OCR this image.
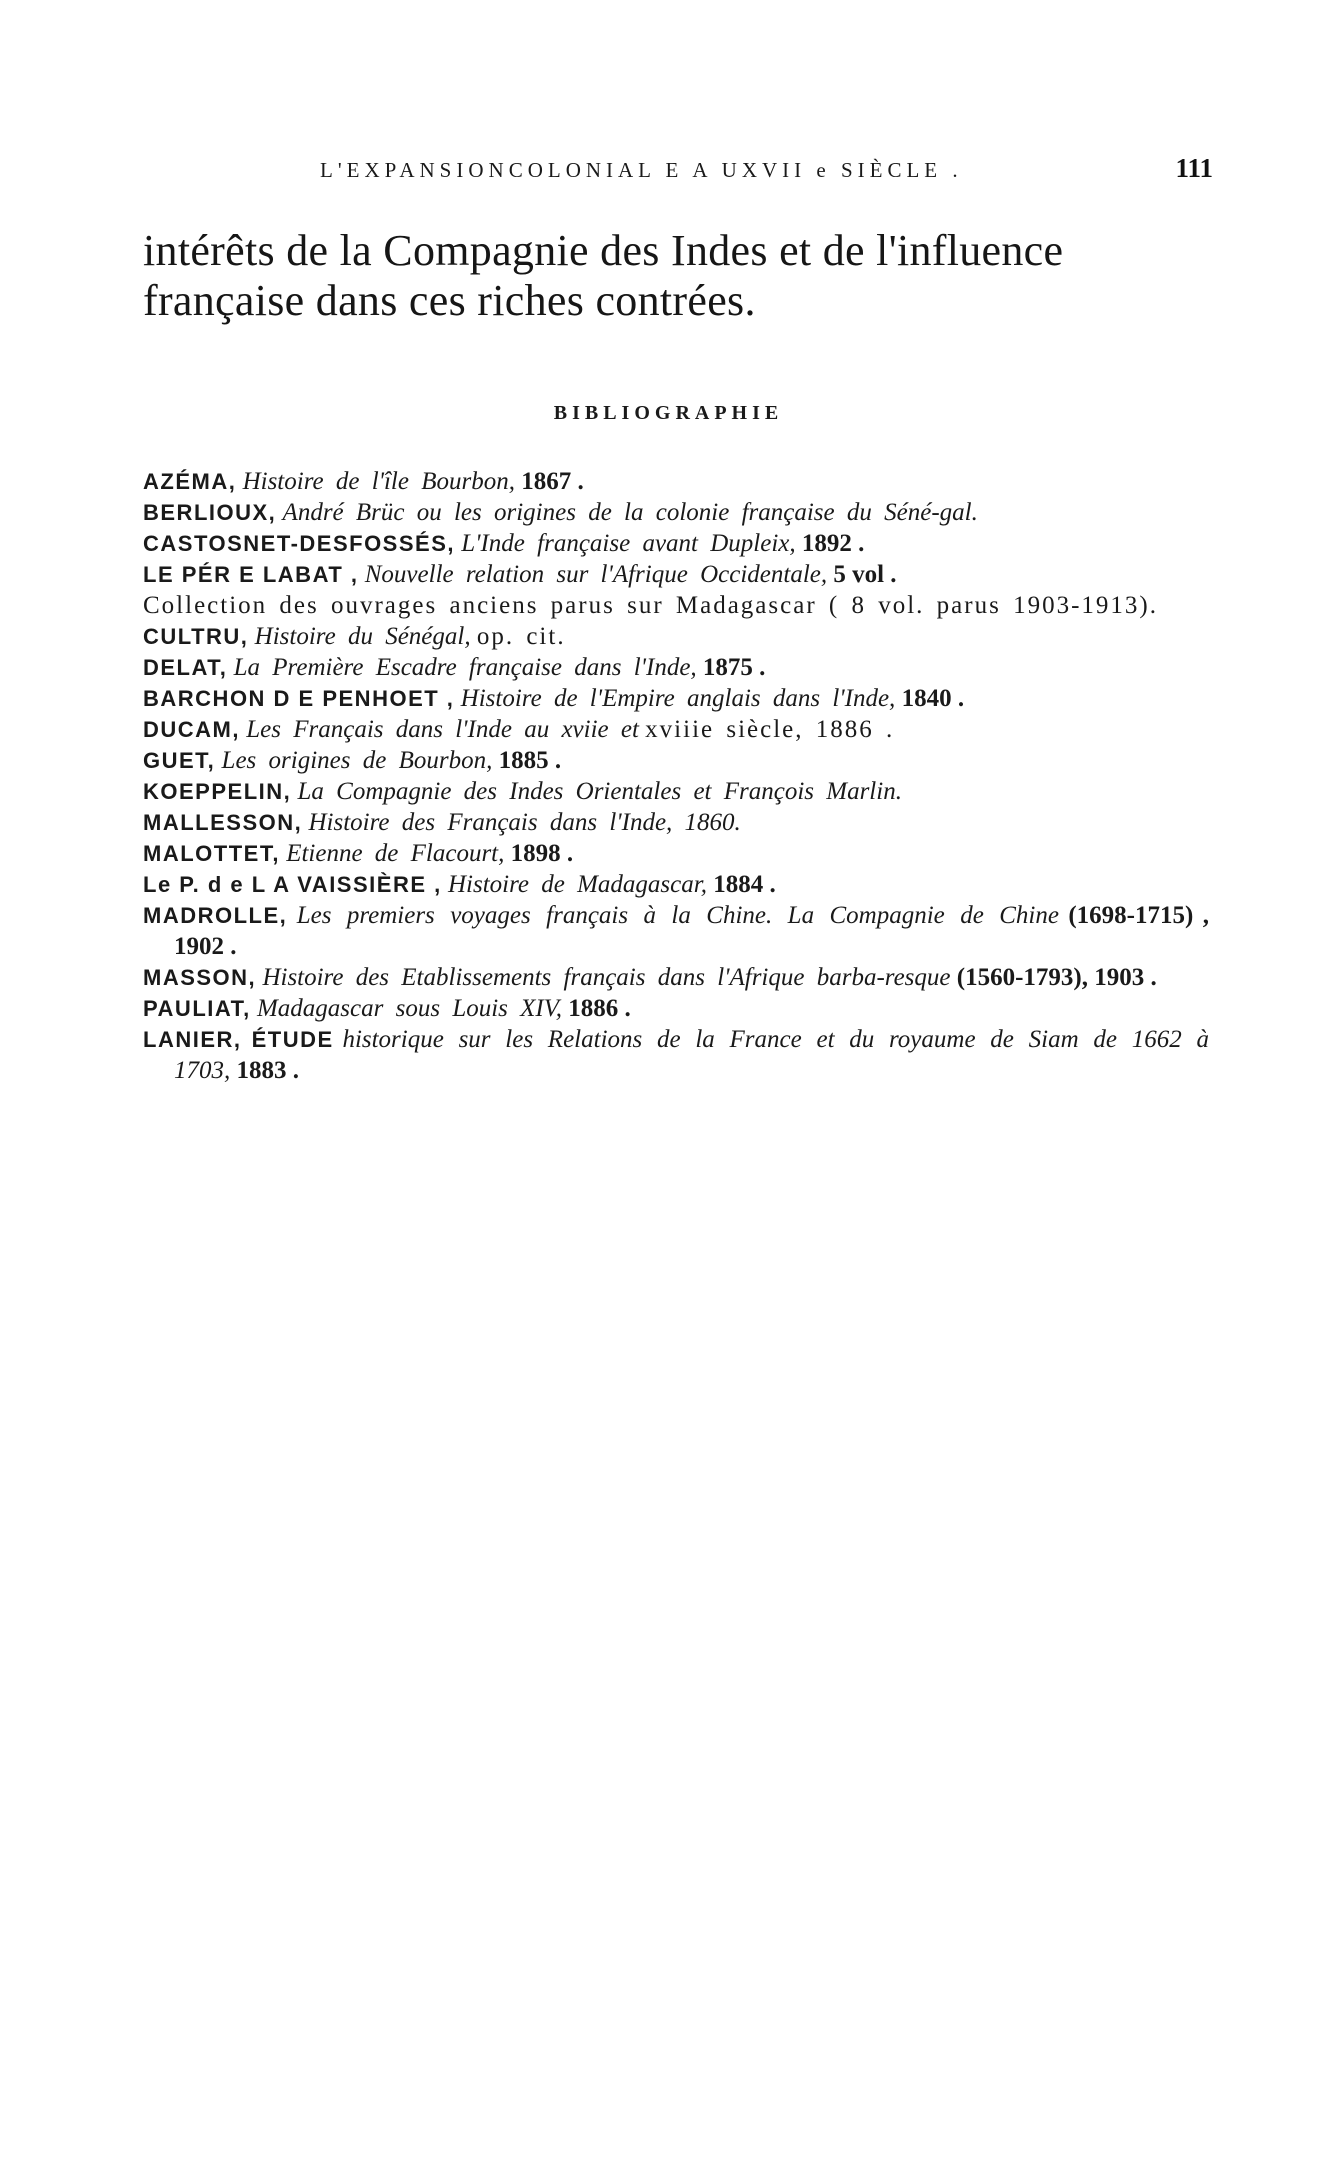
L'EXPANSIONCOLONIAL E A UXVII e SIÈCLE .	111
intérêts de la Compagnie des Indes et de l'influence française dans ces riches contrées.
BIBLIOGRAPHIE
AZÉMA, Histoire de l'île Bourbon, 1867 .
BERLIOUX, André Brüc ou les origines de la colonie française du Séné-gal.
CASTOSNET-DESFOSSÉS, L'Inde française avant Dupleix, 1892 .
LE PÉR E LABAT , Nouvelle relation sur l'Afrique Occidentale, 5 vol .
Collection des ouvrages anciens parus sur Madagascar ( 8 vol. parus 1903-1913).
CULTRU, Histoire du Sénégal, op. cit.
DELAT, La Première Escadre française dans l'Inde, 1875 .
BARCHON D E PENHOET , Histoire de l'Empire anglais dans l'Inde, 1840 .
DUCAM, Les Français dans l'Inde au xviie et xviiie siècle, 1886 .
GUET, Les origines de Bourbon, 1885 .
KOEPPELIN, La Compagnie des Indes Orientales et François Marlin.
MALLESSON, Histoire des Français dans l'Inde, 1860.
MALOTTET, Etienne de Flacourt, 1898 .
Le P. d e L A VAISSIÈRE , Histoire de Madagascar, 1884 .
MADROLLE, Les premiers voyages français à la Chine. La Compagnie de Chine (1698-1715) , 1902 .
MASSON, Histoire des Etablissements français dans l'Afrique barba-resque (1560-1793), 1903 .
PAULIAT, Madagascar sous Louis XIV, 1886 .
LANIER, ÉTUDE historique sur les Relations de la France et du royaume de Siam de 1662 à 1703, 1883 .
